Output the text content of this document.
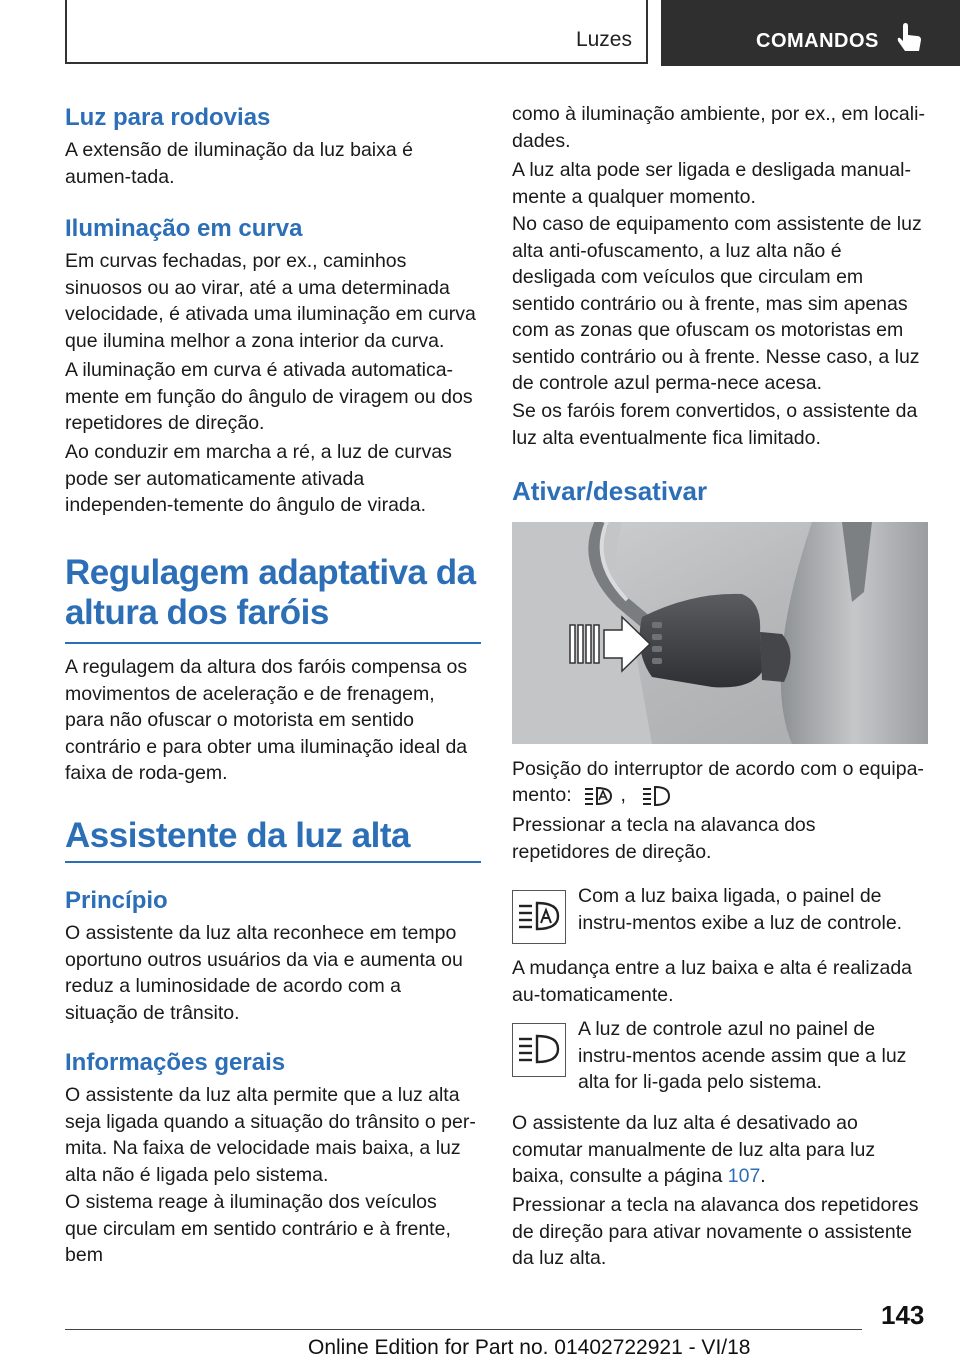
Luzes	COMANDOS
Luz para rodovias

A extensão de iluminação da luz baixa é aumen-tada.

Iluminação em curva

Em curvas fechadas, por ex., caminhos sinuosos ou ao virar, até a uma determinada velocidade, é ativada uma iluminação em curva que ilumina melhor a zona interior da curva.

A iluminação em curva é ativada automatica-mente em função do ângulo de viragem ou dos repetidores de direção.

Ao conduzir em marcha a ré, a luz de curvas pode ser automaticamente ativada independen-temente do ângulo de virada.

Regulagem adaptativa da
altura dos faróis

A regulagem da altura dos faróis compensa os movimentos de aceleração e de frenagem, para não ofuscar o motorista em sentido contrário e para obter uma iluminação ideal da faixa de roda-gem.

Assistente da luz alta
Princípio

O assistente da luz alta reconhece em tempo oportuno outros usuários da via e aumenta ou reduz a luminosidade de acordo com a situação de trânsito.

Informações gerais

O assistente da luz alta permite que a luz alta seja ligada quando a situação do trânsito o per-mita. Na faixa de velocidade mais baixa, a luz alta não é ligada pelo sistema.

O sistema reage à iluminação dos veículos que circulam em sentido contrário e à frente, bem

como à iluminação ambiente, por ex., em locali-dades.

A luz alta pode ser ligada e desligada manual-mente a qualquer momento.

No caso de equipamento com assistente de luz alta anti-ofuscamento, a luz alta não é desligada com veículos que circulam em sentido contrário ou à frente, mas sim apenas com as zonas que ofuscam os motoristas em sentido contrário ou à frente. Nesse caso, a luz de controle azul perma-nece acesa.

Se os faróis forem convertidos, o assistente da luz alta eventualmente fica limitado.

Ativar/desativar

Posição do interruptor de acordo com o equipa-

mento:	,

Pressionar a tecla na alavanca dos repetidores de direção.

Com a luz baixa ligada, o painel de instru-mentos exibe a luz de controle.

A mudança entre a luz baixa e alta é realizada au-tomaticamente.

A luz de controle azul no painel de instru-mentos acende assim que a luz alta for li-gada pelo sistema.

O assistente da luz alta é desativado ao comutar manualmente de luz alta para luz baixa, consulte a página 107.

Pressionar a tecla na alavanca dos repetidores de direção para ativar novamente o assistente da luz alta.

143
Online Edition for Part no. 01402722921 - VI/18
